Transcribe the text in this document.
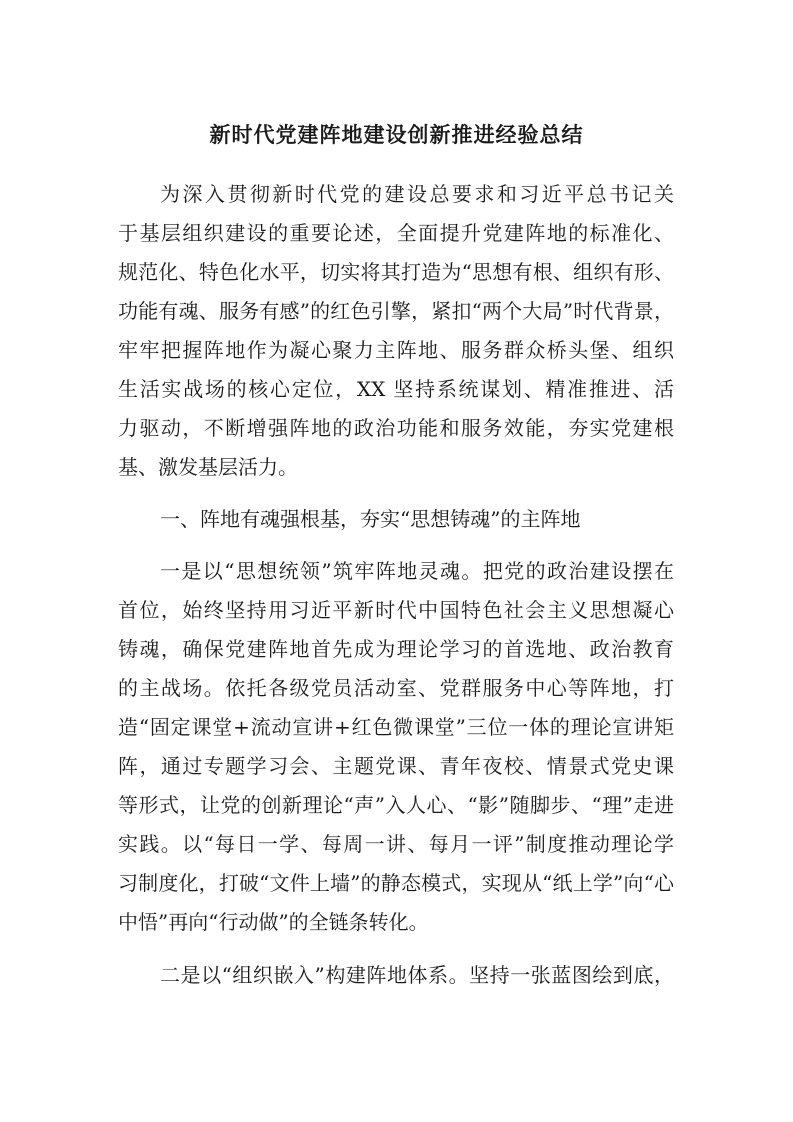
新时代党建阵地建设创新推进经验总结
为深入贯彻新时代党的建设总要求和习近平总书记关
于基层组织建设的重要论述，全面提升党建阵地的标准化、
规范化、特色化水平，切实将其打造为“思想有根、组织有形、
功能有魂、服务有感”的红色引擎，紧扣“两个大局”时代背景，
牢牢把握阵地作为凝心聚力主阵地、服务群众桥头堡、组织
生活实战场的核心定位，XX 坚持系统谋划、精准推进、活
力驱动，不断增强阵地的政治功能和服务效能，夯实党建根
基、激发基层活力。
一、阵地有魂强根基，夯实“思想铸魂”的主阵地
一是以“思想统领”筑牢阵地灵魂。把党的政治建设摆在
首位，始终坚持用习近平新时代中国特色社会主义思想凝心
铸魂，确保党建阵地首先成为理论学习的首选地、政治教育
的主战场。依托各级党员活动室、党群服务中心等阵地，打
造“固定课堂+流动宣讲+红色微课堂”三位一体的理论宣讲矩
阵，通过专题学习会、主题党课、青年夜校、情景式党史课
等形式，让党的创新理论“声”入人心、“影”随脚步、“理”走进
实践。以“每日一学、每周一讲、每月一评”制度推动理论学
习制度化，打破“文件上墙”的静态模式，实现从“纸上学”向“心
中悟”再向“行动做”的全链条转化。
二是以“组织嵌入”构建阵地体系。坚持一张蓝图绘到底，
